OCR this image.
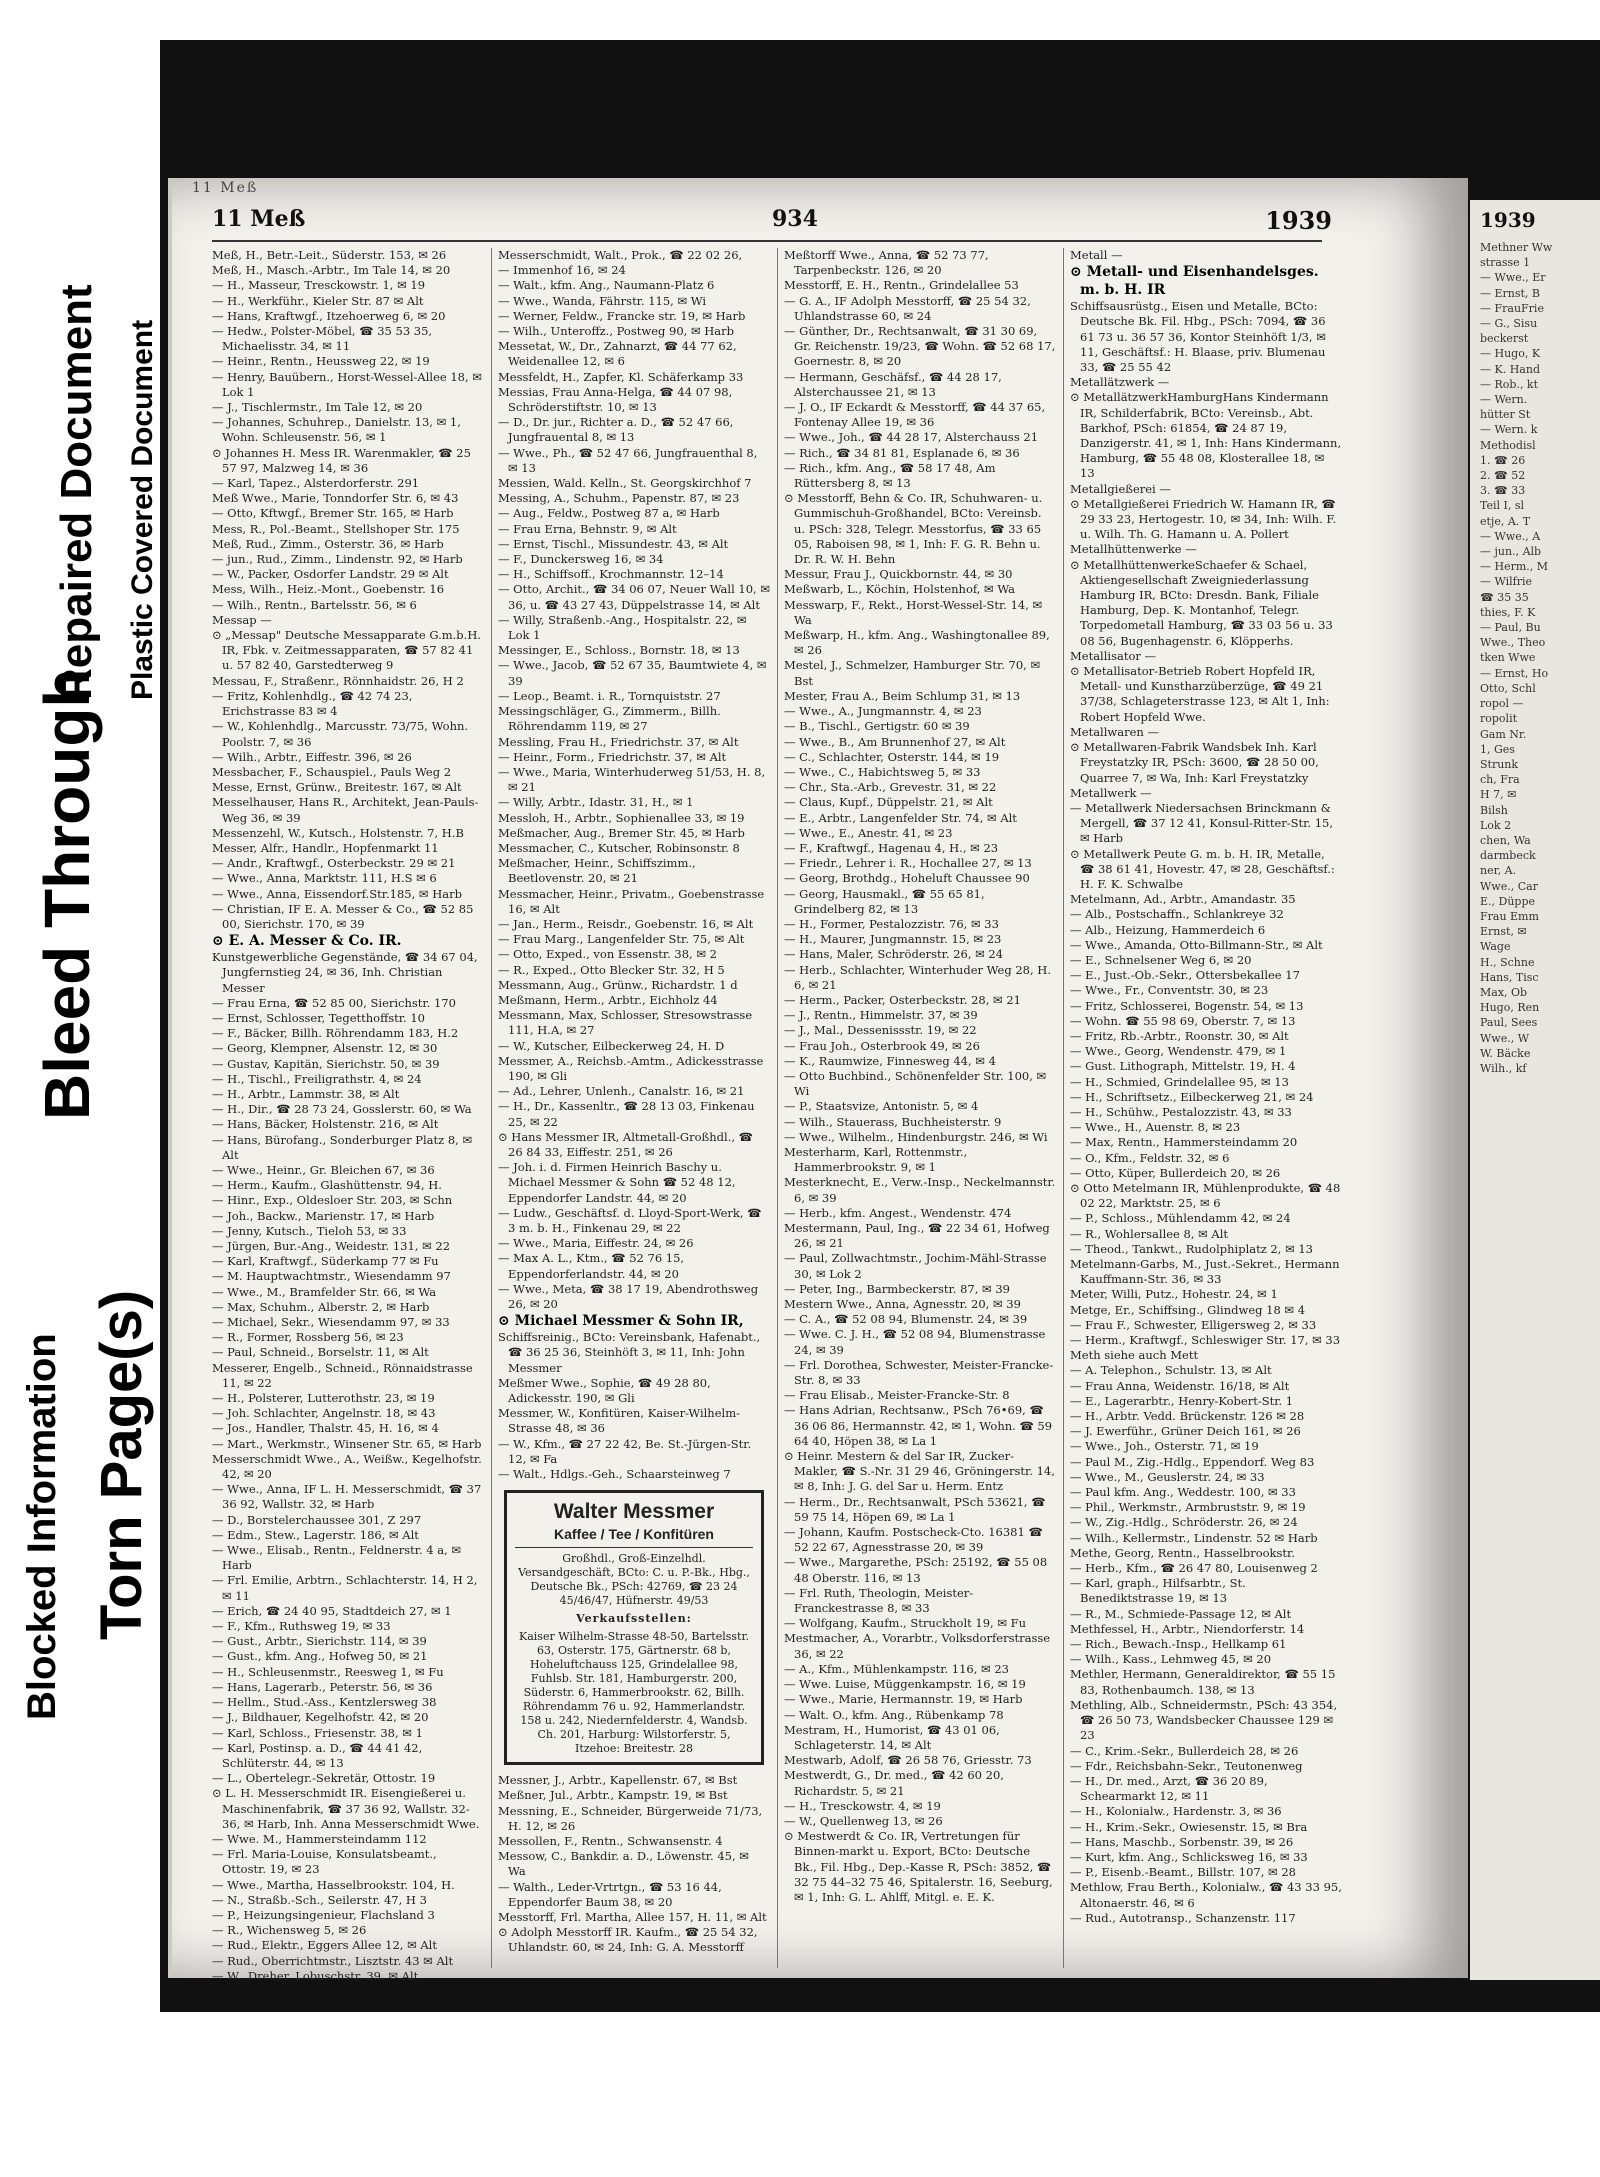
Blocked Information Torn Page(s)
Bleed Through
Repaired Document Plastic Covered Document
11 Meß
11 Meß	934	1939

Meß, H., Betr.-Leit., Süderstr. 153, ✉ 26

Meß, H., Masch.-Arbtr., Im Tale 14, ✉ 20

— H., Masseur, Tresckowstr. 1, ✉ 19

— H., Werkführ., Kieler Str. 87 ✉ Alt

— Hans, Kraftwgf., Itzehoerweg 6, ✉ 20

— Hedw., Polster-Möbel, ☎ 35 53 35, Michaelisstr. 34, ✉ 11

— Heinr., Rentn., Heussweg 22, ✉ 19

— Henry, Bauübern., Horst-Wessel-Allee 18, ✉ Lok 1

— J., Tischlermstr., Im Tale 12, ✉ 20

— Johannes, Schuhrep., Danielstr. 13, ✉ 1, Wohn. Schleusenstr. 56, ✉ 1

⊙ Johannes H. Mess IR. Warenmakler, ☎ 25 57 97, Malzweg 14, ✉ 36

— Karl, Tapez., Alsterdorferstr. 291

Meß Wwe., Marie, Tonndorfer Str. 6, ✉ 43

— Otto, Kftwgf., Bremer Str. 165, ✉ Harb

Mess, R., Pol.-Beamt., Stellshoper Str. 175

Meß, Rud., Zimm., Osterstr. 36, ✉ Harb

— jun., Rud., Zimm., Lindenstr. 92, ✉ Harb

— W., Packer, Osdorfer Landstr. 29 ✉ Alt

Mess, Wilh., Heiz.-Mont., Goebenstr. 16

— Wilh., Rentn., Bartelsstr. 56, ✉ 6

Messap —

⊙ „Messap" Deutsche Messapparate G.m.b.H. IR, Fbk. v. Zeitmessapparaten, ☎ 57 82 41 u. 57 82 40, Garstedterweg 9

Messau, F., Straßenr., Rönnhaidstr. 26, H 2

— Fritz, Kohlenhdlg., ☎ 42 74 23, Erichstrasse 83 ✉ 4

— W., Kohlenhdlg., Marcusstr. 73/75, Wohn. Poolstr. 7, ✉ 36

— Wilh., Arbtr., Eiffestr. 396, ✉ 26

Messbacher, F., Schauspiel., Pauls Weg 2

Messe, Ernst, Grünw., Breitestr. 167, ✉ Alt

Messelhauser, Hans R., Architekt, Jean-Pauls-Weg 36, ✉ 39

Messenzehl, W., Kutsch., Holstenstr. 7, H.B

Messer, Alfr., Handlr., Hopfenmarkt 11

— Andr., Kraftwgf., Osterbeckstr. 29 ✉ 21

— Wwe., Anna, Marktstr. 111, H.S ✉ 6

— Wwe., Anna, Eissendorf.Str.185, ✉ Harb

— Christian, IF E. A. Messer & Co., ☎ 52 85 00, Sierichstr. 170, ✉ 39

⊙ E. A. Messer & Co. IR.

Kunstgewerbliche Gegenstände, ☎ 34 67 04, Jungfernstieg 24, ✉ 36, Inh. Christian Messer

— Frau Erna, ☎ 52 85 00, Sierichstr. 170

— Ernst, Schlosser, Tegetthoffstr. 10

— F., Bäcker, Billh. Röhrendamm 183, H.2

— Georg, Klempner, Alsenstr. 12, ✉ 30

— Gustav, Kapitän, Sierichstr. 50, ✉ 39

— H., Tischl., Freiligrathstr. 4, ✉ 24

— H., Arbtr., Lammstr. 38, ✉ Alt

— H., Dir., ☎ 28 73 24, Gosslerstr. 60, ✉ Wa

— Hans, Bäcker, Holstenstr. 216, ✉ Alt

— Hans, Bürofang., Sonderburger Platz 8, ✉ Alt

— Wwe., Heinr., Gr. Bleichen 67, ✉ 36

— Herm., Kaufm., Glashüttenstr. 94, H.

— Hinr., Exp., Oldesloer Str. 203, ✉ Schn

— Joh., Backw., Marienstr. 17, ✉ Harb

— Jenny, Kutsch., Tieloh 53, ✉ 33

— Jürgen, Bur.-Ang., Weidestr. 131, ✉ 22

— Karl, Kraftwgf., Süderkamp 77 ✉ Fu

— M. Hauptwachtmstr., Wiesendamm 97

— Wwe., M., Bramfelder Str. 66, ✉ Wa

— Max, Schuhm., Alberstr. 2, ✉ Harb

— Michael, Sekr., Wiesendamm 97, ✉ 33

— R., Former, Rossberg 56, ✉ 23

— Paul, Schneid., Borselstr. 11, ✉ Alt

Messerer, Engelb., Schneid., Rönnaidstrasse 11, ✉ 22

— H., Polsterer, Lutterothstr. 23, ✉ 19

— Joh. Schlachter, Angelnstr. 18, ✉ 43

— Jos., Handler, Thalstr. 45, H. 16, ✉ 4

— Mart., Werkmstr., Winsener Str. 65, ✉ Harb

Messerschmidt Wwe., A., Weißw., Kegelhofstr. 42, ✉ 20

— Wwe., Anna, IF L. H. Messerschmidt, ☎ 37 36 92, Wallstr. 32, ✉ Harb

— D., Borstelerchaussee 301, Z 297

— Edm., Stew., Lagerstr. 186, ✉ Alt

— Wwe., Elisab., Rentn., Feldnerstr. 4 a, ✉ Harb

— Frl. Emilie, Arbtrn., Schlachterstr. 14, H 2, ✉ 11

— Erich, ☎ 24 40 95, Stadtdeich 27, ✉ 1

— F., Kfm., Ruthsweg 19, ✉ 33

— Gust., Arbtr., Sierichstr. 114, ✉ 39

— Gust., kfm. Ang., Hofweg 50, ✉ 21

— H., Schleusenmstr., Reesweg 1, ✉ Fu

— Hans, Lagerarb., Peterstr. 56, ✉ 36

— Hellm., Stud.-Ass., Kentzlersweg 38

— J., Bildhauer, Kegelhofstr. 42, ✉ 20

— Karl, Schloss., Friesenstr. 38, ✉ 1

— Karl, Postinsp. a. D., ☎ 44 41 42, Schlüterstr. 44, ✉ 13

— L., Obertelegr.-Sekretär, Ottostr. 19

⊙ L. H. Messerschmidt IR. Eisengießerei u. Maschinenfabrik, ☎ 37 36 92, Wallstr. 32-36, ✉ Harb, Inh. Anna Messerschmidt Wwe.

— Wwe. M., Hammersteindamm 112

— Frl. Maria-Louise, Konsulatsbeamt., Ottostr. 19, ✉ 23

— Wwe., Martha, Hasselbrookstr. 104, H.

— N., Straßb.-Sch., Seilerstr. 47, H 3

— P., Heizungsingenieur, Flachsland 3

— R., Wichensweg 5, ✉ 26

— Rud., Elektr., Eggers Allee 12, ✉ Alt

— Rud., Oberrichtmstr., Lisztstr. 43 ✉ Alt

— W., Dreher, Lobuschstr. 39, ✉ Alt

Messerschmidt, Walt., Prok., ☎ 22 02 26,

— Immenhof 16, ✉ 24

— Walt., kfm. Ang., Naumann-Platz 6

— Wwe., Wanda, Fährstr. 115, ✉ Wi

— Werner, Feldw., Francke str. 19, ✉ Harb

— Wilh., Unteroffz., Postweg 90, ✉ Harb

Messetat, W., Dr., Zahnarzt, ☎ 44 77 62, Weidenallee 12, ✉ 6

Messfeldt, H., Zapfer, Kl. Schäferkamp 33

Messias, Frau Anna-Helga, ☎ 44 07 98, Schröderstiftstr. 10, ✉ 13

— D., Dr. jur., Richter a. D., ☎ 52 47 66, Jungfrauental 8, ✉ 13

— Wwe., Ph., ☎ 52 47 66, Jungfrauenthal 8, ✉ 13

Messien, Wald. Kelln., St. Georgskirchhof 7

Messing, A., Schuhm., Papenstr. 87, ✉ 23

— Aug., Feldw., Postweg 87 a, ✉ Harb

— Frau Erna, Behnstr. 9, ✉ Alt

— Ernst, Tischl., Missundestr. 43, ✉ Alt

— F., Dunckersweg 16, ✉ 34

— H., Schiffsoff., Krochmannstr. 12–14

— Otto, Archit., ☎ 34 06 07, Neuer Wall 10, ✉ 36, u. ☎ 43 27 43, Düppelstrasse 14, ✉ Alt

— Willy, Straßenb.-Ang., Hospitalstr. 22, ✉ Lok 1

Messinger, E., Schloss., Bornstr. 18, ✉ 13

— Wwe., Jacob, ☎ 52 67 35, Baumtwiete 4, ✉ 39

— Leop., Beamt. i. R., Tornquiststr. 27

Messingschläger, G., Zimmerm., Billh. Röhrendamm 119, ✉ 27

Messling, Frau H., Friedrichstr. 37, ✉ Alt

— Heinr., Form., Friedrichstr. 37, ✉ Alt

— Wwe., Maria, Winterhuderweg 51/53, H. 8, ✉ 21

— Willy, Arbtr., Idastr. 31, H., ✉ 1

Messloh, H., Arbtr., Sophienallee 33, ✉ 19

Meßmacher, Aug., Bremer Str. 45, ✉ Harb

Messmacher, C., Kutscher, Robinsonstr. 8

Meßmacher, Heinr., Schiffszimm., Beetlovenstr. 20, ✉ 21

Messmacher, Heinr., Privatm., Goebenstrasse 16, ✉ Alt

— Jan., Herm., Reisdr., Goebenstr. 16, ✉ Alt

— Frau Marg., Langenfelder Str. 75, ✉ Alt

— Otto, Exped., von Essenstr. 38, ✉ 2

— R., Exped., Otto Blecker Str. 32, H 5

Messmann, Aug., Grünw., Richardstr. 1 d

Meßmann, Herm., Arbtr., Eichholz 44

Messmann, Max, Schlosser, Stresowstrasse 111, H.A, ✉ 27

— W., Kutscher, Eilbeckerweg 24, H. D

Messmer, A., Reichsb.-Amtm., Adickesstrasse 190, ✉ Gli

— Ad., Lehrer, Unlenh., Canalstr. 16, ✉ 21

— H., Dr., Kassenltr., ☎ 28 13 03, Finkenau 25, ✉ 22

⊙ Hans Messmer IR, Altmetall-Großhdl., ☎ 26 84 33, Eiffestr. 251, ✉ 26

— Joh. i. d. Firmen Heinrich Baschy u. Michael Messmer & Sohn ☎ 52 48 12, Eppendorfer Landstr. 44, ✉ 20

— Ludw., Geschäftsf. d. Lloyd-Sport-Werk, ☎ 3 m. b. H., Finkenau 29, ✉ 22

— Wwe., Maria, Eiffestr. 24, ✉ 26

— Max A. L., Ktm., ☎ 52 76 15, Eppendorferlandstr. 44, ✉ 20

— Wwe., Meta, ☎ 38 17 19, Abendrothsweg 26, ✉ 20

⊙ Michael Messmer & Sohn IR,

Schiffsreinig., BCto: Vereinsbank, Hafenabt., ☎ 36 25 36, Steinhöft 3, ✉ 11, Inh: John Messmer

Meßmer Wwe., Sophie, ☎ 49 28 80, Adickesstr. 190, ✉ Gli

Messmer, W., Konfitüren, Kaiser-Wilhelm-Strasse 48, ✉ 36

— W., Kfm., ☎ 27 22 42, Be. St.-Jürgen-Str. 12, ✉ Fa

— Walt., Hdlgs.-Geh., Schaarsteinweg 7

Walter Messmer
Kaffee / Tee / Konfitüren
Großhdl., Groß-Einzelhdl. Versandgeschäft, BCto: C. u. P.-Bk., Hbg., Deutsche Bk., PSch: 42769, ☎ 23 24 45/46/47, Hüfnerstr. 49/53
Verkaufsstellen:
Kaiser Wilhelm-Strasse 48-50, Bartelsstr. 63, Osterstr. 175, Gärtnerstr. 68 b, Hoheluftchauss 125, Grindelallee 98, Fuhlsb. Str. 181, Hamburgerstr. 200, Süderstr. 6, Hammerbrookstr. 62, Billh. Röhrendamm 76 u. 92, Hammerlandstr. 158 u. 242, Niedernfelderstr. 4, Wandsb. Ch. 201, Harburg: Wilstorferstr. 5, Itzehoe: Breitestr. 28

Messner, J., Arbtr., Kapellenstr. 67, ✉ Bst

Meßner, Jul., Arbtr., Kampstr. 19, ✉ Bst

Messning, E., Schneider, Bürgerweide 71/73, H. 12, ✉ 26

Messollen, F., Rentn., Schwansenstr. 4

Messow, C., Bankdir. a. D., Löwenstr. 45, ✉ Wa

— Walth., Leder-Vrtrtgn., ☎ 53 16 44, Eppendorfer Baum 38, ✉ 20

Messtorff, Frl. Martha, Allee 157, H. 11, ✉ Alt

⊙ Adolph Messtorff IR. Kaufm., ☎ 25 54 32, Uhlandstr. 60, ✉ 24, Inh: G. A. Messtorff

Meßtorff Wwe., Anna, ☎ 52 73 77, Tarpenbeckstr. 126, ✉ 20

Messtorff, E. H., Rentn., Grindelallee 53

— G. A., IF Adolph Messtorff, ☎ 25 54 32, Uhlandstrasse 60, ✉ 24

— Günther, Dr., Rechtsanwalt, ☎ 31 30 69, Gr. Reichenstr. 19/23, ☎ Wohn. ☎ 52 68 17, Goernestr. 8, ✉ 20

— Hermann, Geschäfsf., ☎ 44 28 17, Alsterchaussee 21, ✉ 13

— J. O., IF Eckardt & Messtorff, ☎ 44 37 65, Fontenay Allee 19, ✉ 36

— Wwe., Joh., ☎ 44 28 17, Alsterchauss 21

— Rich., ☎ 34 81 81, Esplanade 6, ✉ 36

— Rich., kfm. Ang., ☎ 58 17 48, Am Rüttersberg 8, ✉ 13

⊙ Messtorff, Behn & Co. IR, Schuhwaren- u. Gummischuh-Großhandel, BCto: Vereinsb. u. PSch: 328, Telegr. Messtorfus, ☎ 33 65 05, Raboisen 98, ✉ 1, Inh: F. G. R. Behn u. Dr. R. W. H. Behn

Messur, Frau J., Quickbornstr. 44, ✉ 30

Meßwarb, L., Köchin, Holstenhof, ✉ Wa

Messwarp, F., Rekt., Horst-Wessel-Str. 14, ✉ Wa

Meßwarp, H., kfm. Ang., Washingtonallee 89, ✉ 26

Mestel, J., Schmelzer, Hamburger Str. 70, ✉ Bst

Mester, Frau A., Beim Schlump 31, ✉ 13

— Wwe., A., Jungmannstr. 4, ✉ 23

— B., Tischl., Gertigstr. 60 ✉ 39

— Wwe., B., Am Brunnenhof 27, ✉ Alt

— C., Schlachter, Osterstr. 144, ✉ 19

— Wwe., C., Habichtsweg 5, ✉ 33

— Chr., Sta.-Arb., Grevestr. 31, ✉ 22

— Claus, Kupf., Düppelstr. 21, ✉ Alt

— E., Arbtr., Langenfelder Str. 74, ✉ Alt

— Wwe., E., Anestr. 41, ✉ 23

— F., Kraftwgf., Hagenau 4, H., ✉ 23

— Friedr., Lehrer i. R., Hochallee 27, ✉ 13

— Georg, Brothdg., Hoheluft Chaussee 90

— Georg, Hausmakl., ☎ 55 65 81, Grindelberg 82, ✉ 13

— H., Former, Pestalozzistr. 76, ✉ 33

— H., Maurer, Jungmannstr. 15, ✉ 23

— Hans, Maler, Schröderstr. 26, ✉ 24

— Herb., Schlachter, Winterhuder Weg 28, H. 6, ✉ 21

— Herm., Packer, Osterbeckstr. 28, ✉ 21

— J., Rentn., Himmelstr. 37, ✉ 39

— J., Mal., Dessenissstr. 19, ✉ 22

— Frau Joh., Osterbrook 49, ✉ 26

— K., Raumwize, Finnesweg 44, ✉ 4

— Otto Buchbind., Schönenfelder Str. 100, ✉ Wi

— P., Staatsvize, Antonistr. 5, ✉ 4

— Wilh., Stauerass, Buchheisterstr. 9

— Wwe., Wilhelm., Hindenburgstr. 246, ✉ Wi

Mesterharm, Karl, Rottenmstr., Hammerbrookstr. 9, ✉ 1

Mesterknecht, E., Verw.-Insp., Neckelmannstr. 6, ✉ 39

— Herb., kfm. Angest., Wendenstr. 474

Mestermann, Paul, Ing., ☎ 22 34 61, Hofweg 26, ✉ 21

— Paul, Zollwachtmstr., Jochim-Mähl-Strasse 30, ✉ Lok 2

— Peter, Ing., Barmbeckerstr. 87, ✉ 39

Mestern Wwe., Anna, Agnesstr. 20, ✉ 39

— C. A., ☎ 52 08 94, Blumenstr. 24, ✉ 39

— Wwe. C. J. H., ☎ 52 08 94, Blumenstrasse 24, ✉ 39

— Frl. Dorothea, Schwester, Meister-Francke-Str. 8, ✉ 33

— Frau Elisab., Meister-Francke-Str. 8

— Hans Adrian, Rechtsanw., PSch 76•69, ☎ 36 06 86, Hermannstr. 42, ✉ 1, Wohn. ☎ 59 64 40, Höpen 38, ✉ La 1

⊙ Heinr. Mestern & del Sar IR, Zucker-Makler, ☎ S.-Nr. 31 29 46, Gröningerstr. 14, ✉ 8, Inh: J. G. del Sar u. Herm. Entz

— Herm., Dr., Rechtsanwalt, PSch 53621, ☎ 59 75 14, Höpen 69, ✉ La 1

— Johann, Kaufm. Postscheck-Cto. 16381 ☎ 52 22 67, Agnesstrasse 20, ✉ 39

— Wwe., Margarethe, PSch: 25192, ☎ 55 08 48 Oberstr. 116, ✉ 13

— Frl. Ruth, Theologin, Meister-Franckestrasse 8, ✉ 33

— Wolfgang, Kaufm., Struckholt 19, ✉ Fu

Mestmacher, A., Vorarbtr., Volksdorferstrasse 36, ✉ 22

— A., Kfm., Mühlenkampstr. 116, ✉ 23

— Wwe. Luise, Müggenkampstr. 16, ✉ 19

— Wwe., Marie, Hermannstr. 19, ✉ Harb

— Walt. O., kfm. Ang., Rübenkamp 78

Mestram, H., Humorist, ☎ 43 01 06, Schlageterstr. 14, ✉ Alt

Mestwarb, Adolf, ☎ 26 58 76, Griesstr. 73

Mestwerdt, G., Dr. med., ☎ 42 60 20, Richardstr. 5, ✉ 21

— H., Tresckowstr. 4, ✉ 19

— W., Quellenweg 13, ✉ 26

⊙ Mestwerdt & Co. IR, Vertretungen für Binnen-markt u. Export, BCto: Deutsche Bk., Fil. Hbg., Dep.-Kasse R, PSch: 3852, ☎ 32 75 44–32 75 46, Spitalerstr. 16, Seeburg, ✉ 1, Inh: G. L. Ahlff, Mitgl. e. E. K.

Metall —

⊙ Metall- und Eisenhandelsges. m. b. H. IR

Schiffsausrüstg., Eisen und Metalle, BCto: Deutsche Bk. Fil. Hbg., PSch: 7094, ☎ 36 61 73 u. 36 57 36, Kontor Steinhöft 1/3, ✉ 11, Geschäftsf.: H. Blaase, priv. Blumenau 33, ☎ 25 55 42

Metallätzwerk —

⊙ MetallätzwerkHamburgHans Kindermann IR, Schilderfabrik, BCto: Vereinsb., Abt. Barkhof, PSch: 61854, ☎ 24 87 19, Danzigerstr. 41, ✉ 1, Inh: Hans Kindermann, Hamburg, ☎ 55 48 08, Klosterallee 18, ✉ 13

Metallgießerei —

⊙ Metallgießerei Friedrich W. Hamann IR, ☎ 29 33 23, Hertogestr. 10, ✉ 34, Inh: Wilh. F. u. Wilh. Th. G. Hamann u. A. Pollert

Metallhüttenwerke —

⊙ MetallhüttenwerkeSchaefer & Schael, Aktiengesellschaft Zweigniederlassung Hamburg IR, BCto: Dresdn. Bank, Filiale Hamburg, Dep. K. Montanhof, Telegr. Torpedometall Hamburg, ☎ 33 03 56 u. 33 08 56, Bugenhagenstr. 6, Klöpperhs.

Metallisator —

⊙ Metallisator-Betrieb Robert Hopfeld IR, Metall- und Kunstharzüberzüge, ☎ 49 21 37/38, Schlageterstrasse 123, ✉ Alt 1, Inh: Robert Hopfeld Wwe.

Metallwaren —

⊙ Metallwaren-Fabrik Wandsbek Inh. Karl Freystatzky IR, PSch: 3600, ☎ 28 50 00, Quarree 7, ✉ Wa, Inh: Karl Freystatzky

Metallwerk —

— Metallwerk Niedersachsen Brinckmann & Mergell, ☎ 37 12 41, Konsul-Ritter-Str. 15, ✉ Harb

⊙ Metallwerk Peute G. m. b. H. IR, Metalle, ☎ 38 61 41, Hovestr. 47, ✉ 28, Geschäftsf.: H. F. K. Schwalbe

Metelmann, Ad., Arbtr., Amandastr. 35

— Alb., Postschaffn., Schlankreye 32

— Alb., Heizung, Hammerdeich 6

— Wwe., Amanda, Otto-Billmann-Str., ✉ Alt

— E., Schnelsener Weg 6, ✉ 20

— E., Just.-Ob.-Sekr., Ottersbekallee 17

— Wwe., Fr., Conventstr. 30, ✉ 23

— Fritz, Schlosserei, Bogenstr. 54, ✉ 13

— Wohn. ☎ 55 98 69, Oberstr. 7, ✉ 13

— Fritz, Rb.-Arbtr., Roonstr. 30, ✉ Alt

— Wwe., Georg, Wendenstr. 479, ✉ 1

— Gust. Lithograph, Mittelstr. 19, H. 4

— H., Schmied, Grindelallee 95, ✉ 13

— H., Schriftsetz., Eilbeckerweg 21, ✉ 24

— H., Schühw., Pestalozzistr. 43, ✉ 33

— Wwe., H., Auenstr. 8, ✉ 23

— Max, Rentn., Hammersteindamm 20

— O., Kfm., Feldstr. 32, ✉ 6

— Otto, Küper, Bullerdeich 20, ✉ 26

⊙ Otto Metelmann IR, Mühlenprodukte, ☎ 48 02 22, Marktstr. 25, ✉ 6

— P., Schloss., Mühlendamm 42, ✉ 24

— R., Wohlersallee 8, ✉ Alt

— Theod., Tankwt., Rudolphiplatz 2, ✉ 13

Metelmann-Garbs, M., Just.-Sekret., Hermann Kauffmann-Str. 36, ✉ 33

Meter, Willi, Putz., Hohestr. 24, ✉ 1

Metge, Er., Schiffsing., Glindweg 18 ✉ 4

— Frau F., Schwester, Elligersweg 2, ✉ 33

— Herm., Kraftwgf., Schleswiger Str. 17, ✉ 33

Meth siehe auch Mett

— A. Telephon., Schulstr. 13, ✉ Alt

— Frau Anna, Weidenstr. 16/18, ✉ Alt

— E., Lagerarbtr., Henry-Kobert-Str. 1

— H., Arbtr. Vedd. Brückenstr. 126 ✉ 28

— J. Ewerführ., Grüner Deich 161, ✉ 26

— Wwe., Joh., Osterstr. 71, ✉ 19

— Paul M., Zig.-Hdlg., Eppendorf. Weg 83

— Wwe., M., Geuslerstr. 24, ✉ 33

— Paul kfm. Ang., Weddestr. 100, ✉ 33

— Phil., Werkmstr., Armbruststr. 9, ✉ 19

— W., Zig.-Hdlg., Schröderstr. 26, ✉ 24

— Wilh., Kellermstr., Lindenstr. 52 ✉ Harb

Methe, Georg, Rentn., Hasselbrookstr.

— Herb., Kfm., ☎ 26 47 80, Louisenweg 2

— Karl, graph., Hilfsarbtr., St. Benediktstrasse 19, ✉ 13

— R., M., Schmiede-Passage 12, ✉ Alt

Methfessel, H., Arbtr., Niendorferstr. 14

— Rich., Bewach.-Insp., Hellkamp 61

— Wilh., Kass., Lehmweg 45, ✉ 20

Methler, Hermann, Generaldirektor, ☎ 55 15 83, Rothenbaumch. 138, ✉ 13

Methling, Alb., Schneidermstr., PSch: 43 354, ☎ 26 50 73, Wandsbecker Chaussee 129 ✉ 23

— C., Krim.-Sekr., Bullerdeich 28, ✉ 26

— Fdr., Reichsbahn-Sekr., Teutonenweg

— H., Dr. med., Arzt, ☎ 36 20 89, Schearmarkt 12, ✉ 11

— H., Kolonialw., Hardenstr. 3, ✉ 36

— H., Krim.-Sekr., Owiesenstr. 15, ✉ Bra

— Hans, Maschb., Sorbenstr. 39, ✉ 26

— Kurt, kfm. Ang., Schlicksweg 16, ✉ 33

— P., Eisenb.-Beamt., Billstr. 107, ✉ 28

Methlow, Frau Berth., Kolonialw., ☎ 43 33 95, Altonaerstr. 46, ✉ 6

— Rud., Autotransp., Schanzenstr. 117

1939
Methner Ww
strasse 1
— Wwe., Er
— Ernst, B
— FrauFrie
— G., Sisu
beckerst
— Hugo, K
— K. Hand
— Rob., kt
— Wern.
hütter St
— Wern. k
Methodisl
1. ☎ 26
2. ☎ 52
3. ☎ 33
Teil I, sl
etje, A. T
— Wwe., A
— jun., Alb
— Herm., M
— Wilfrie
☎ 35 35
thies, F. K
— Paul, Bu
Wwe., Theo
tken Wwe
— Ernst, Ho
Otto, Schl
ropol —
ropolit
Gam Nr.
1, Ges
Strunk
ch, Fra
H 7, ✉
Bilsh
Lok 2
chen, Wa
darmbeck
ner, A.
Wwe., Car
E., Düppe
Frau Emm
Ernst, ✉
Wage
H., Schne
Hans, Tisc
Max, Ob
Hugo, Ren
Paul, Sees
Wwe., W
W. Bäcke
Wilh., kf
